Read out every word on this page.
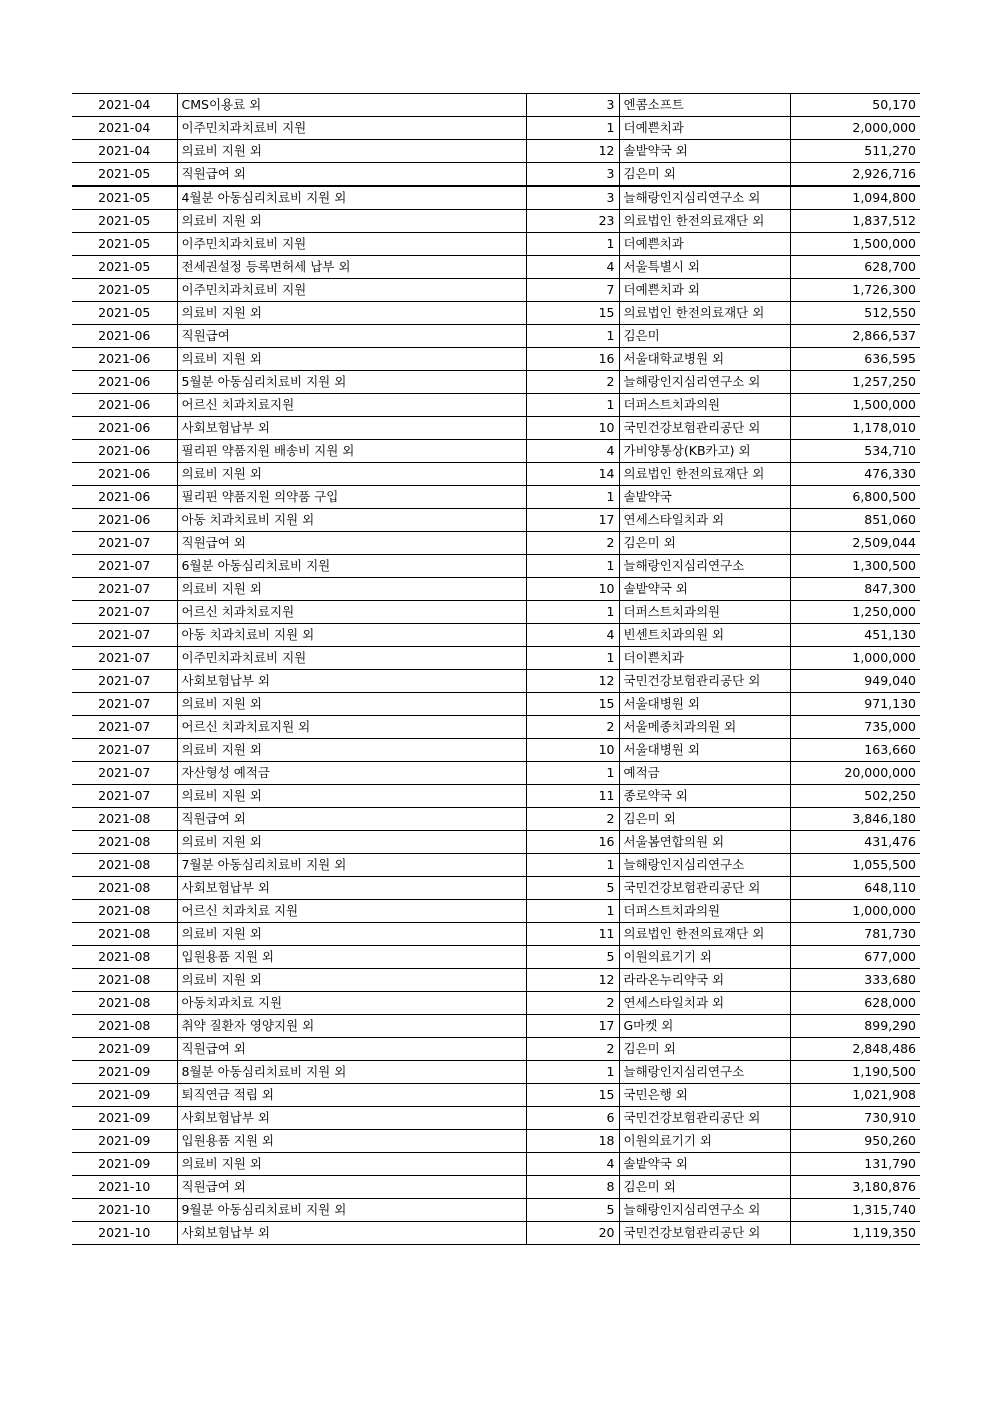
2021-04	CMS이용료 외	3	엔콤소프트	50,170
2021-04	이주민치과치료비 지원	1	더예쁜치과	2,000,000
2021-04	의료비 지원 외	12	솔밭약국 외	511,270
2021-05	직원급여 외	3	김은미 외	2,926,716
2021-05	4월분 아동심리치료비 지원 외	3	늘해랑인지심리연구소 외	1,094,800
2021-05	의료비 지원 외	23	의료법인 한전의료재단 외	1,837,512
2021-05	이주민치과치료비 지원	1	더예쁜치과	1,500,000
2021-05	전세권설정 등록면허세 납부 외	4	서울특별시 외	628,700
2021-05	이주민치과치료비 지원	7	더예쁜치과 외	1,726,300
2021-05	의료비 지원 외	15	의료법인 한전의료재단 외	512,550
2021-06	직원급여	1	김은미	2,866,537
2021-06	의료비 지원 외	16	서울대학교병원 외	636,595
2021-06	5월분 아동심리치료비 지원 외	2	늘해랑인지심리연구소 외	1,257,250
2021-06	어르신 치과치료지원	1	더퍼스트치과의원	1,500,000
2021-06	사회보험납부 외	10	국민건강보험관리공단 외	1,178,010
2021-06	필리핀 약품지원 배송비 지원 외	4	가비양통상(KB카고) 외	534,710
2021-06	의료비 지원 외	14	의료법인 한전의료재단 외	476,330
2021-06	필리핀 약품지원 의약품 구입	1	솔밭약국	6,800,500
2021-06	아동 치과치료비 지원 외	17	연세스타일치과 외	851,060
2021-07	직원급여 외	2	김은미 외	2,509,044
2021-07	6월분 아동심리치료비 지원	1	늘해랑인지심리연구소	1,300,500
2021-07	의료비 지원 외	10	솔밭약국 외	847,300
2021-07	어르신 치과치료지원	1	더퍼스트치과의원	1,250,000
2021-07	아동 치과치료비 지원 외	4	빈센트치과의원 외	451,130
2021-07	이주민치과치료비 지원	1	더이쁜치과	1,000,000
2021-07	사회보험납부 외	12	국민건강보험관리공단 외	949,040
2021-07	의료비 지원 외	15	서울대병원 외	971,130
2021-07	어르신 치과치료지원 외	2	서울메종치과의원 외	735,000
2021-07	의료비 지원 외	10	서울대병원 외	163,660
2021-07	자산형성 예적금	1	예적금	20,000,000
2021-07	의료비 지원 외	11	종로약국 외	502,250
2021-08	직원급여 외	2	김은미 외	3,846,180
2021-08	의료비 지원 외	16	서울봄연합의원 외	431,476
2021-08	7월분 아동심리치료비 지원 외	1	늘해랑인지심리연구소	1,055,500
2021-08	사회보험납부 외	5	국민건강보험관리공단 외	648,110
2021-08	어르신 치과치료 지원	1	더퍼스트치과의원	1,000,000
2021-08	의료비 지원 외	11	의료법인 한전의료재단 외	781,730
2021-08	입원용품 지원 외	5	이원의료기기 외	677,000
2021-08	의료비 지원 외	12	라라온누리약국 외	333,680
2021-08	아동치과치료 지원	2	연세스타일치과 외	628,000
2021-08	취약 질환자 영양지원 외	17	G마켓 외	899,290
2021-09	직원급여 외	2	김은미 외	2,848,486
2021-09	8월분 아동심리치료비 지원 외	1	늘해랑인지심리연구소	1,190,500
2021-09	퇴직연금 적립 외	15	국민은행 외	1,021,908
2021-09	사회보험납부 외	6	국민건강보험관리공단 외	730,910
2021-09	입원용품 지원 외	18	이원의료기기 외	950,260
2021-09	의료비 지원 외	4	솔밭약국 외	131,790
2021-10	직원급여 외	8	김은미 외	3,180,876
2021-10	9월분 아동심리치료비 지원 외	5	늘해랑인지심리연구소 외	1,315,740
2021-10	사회보험납부 외	20	국민건강보험관리공단 외	1,119,350
